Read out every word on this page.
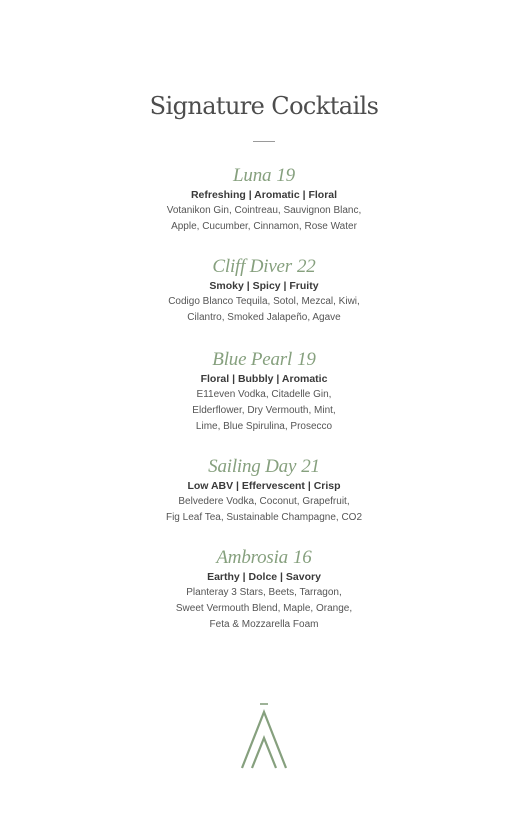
Signature Cocktails

Luna 19

Refreshing | Aromatic | Floral

Votanikon Gin, Cointreau, Sauvignon Blanc,

Apple, Cucumber, Cinnamon, Rose Water

Cliff Diver 22

Smoky | Spicy | Fruity

Codigo Blanco Tequila, Sotol, Mezcal, Kiwi,

Cilantro, Smoked Jalapeño, Agave

Blue Pearl 19

Floral | Bubbly | Aromatic

E11even Vodka, Citadelle Gin,

Elderflower, Dry Vermouth, Mint,

Lime, Blue Spirulina, Prosecco

Sailing Day 21

Low ABV | Effervescent | Crisp

Belvedere Vodka, Coconut, Grapefruit,

Fig Leaf Tea, Sustainable Champagne, CO2

Ambrosia 16

Earthy | Dolce | Savory

Planteray 3 Stars, Beets, Tarragon,

Sweet Vermouth Blend, Maple, Orange,

Feta & Mozzarella Foam
